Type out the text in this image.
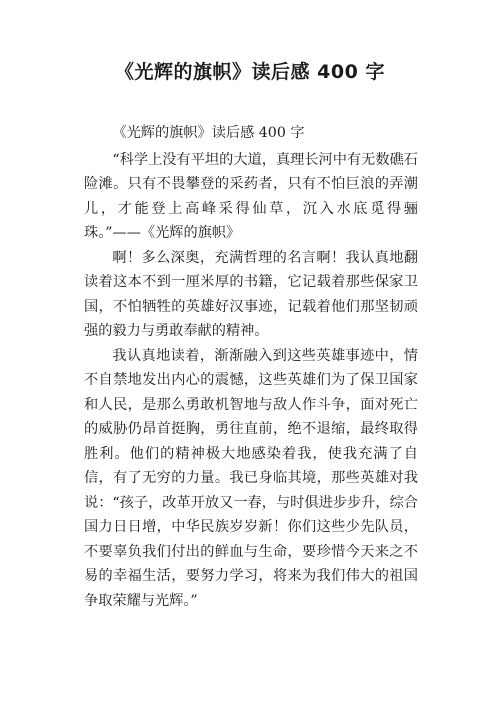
《光辉的旗帜》读后感 400 字

《光辉的旗帜》读后感 400 字

“科学上没有平坦的大道，真理长河中有无数礁石险滩。只有不畏攀登的采药者，只有不怕巨浪的弄潮儿，才能登上高峰采得仙草，沉入水底觅得骊珠。”——《光辉的旗帜》

啊！多么深奥，充满哲理的名言啊！我认真地翻读着这本不到一厘米厚的书籍，它记载着那些保家卫国，不怕牺牲的英雄好汉事迹，记载着他们那坚韧顽强的毅力与勇敢奉献的精神。

我认真地读着，渐渐融入到这些英雄事迹中，情不自禁地发出内心的震憾，这些英雄们为了保卫国家和人民，是那么勇敢机智地与敌人作斗争，面对死亡的威胁仍昂首挺胸，勇往直前，绝不退缩，最终取得胜利。他们的精神极大地感染着我，使我充满了自信，有了无穷的力量。我已身临其境，那些英雄对我说：“孩子，改革开放又一春，与时俱进步步升，综合国力日日增，中华民族岁岁新！你们这些少先队员，不要辜负我们付出的鲜血与生命，要珍惜今天来之不易的幸福生活，要努力学习，将来为我们伟大的祖国争取荣耀与光辉。”
